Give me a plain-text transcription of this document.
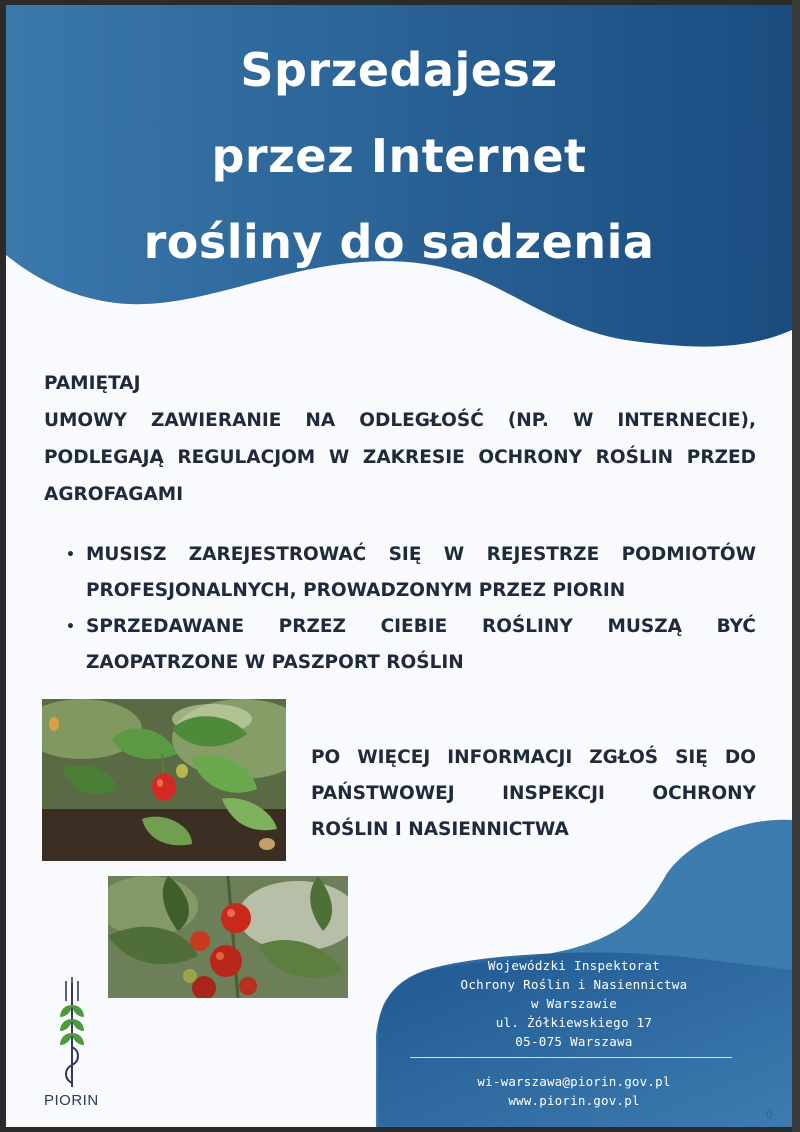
Sprzedajesz
przez Internet
rośliny do sadzenia
PAMIĘTAJ
UMOWY ZAWIERANIE NA ODLEGŁOŚĆ (NP. W INTERNECIE), PODLEGAJĄ REGULACJOM W ZAKRESIE OCHRONY ROŚLIN PRZED AGROFAGAMI
• MUSISZ ZAREJESTROWAĆ SIĘ W REJESTRZE PODMIOTÓW PROFESJONALNYCH, PROWADZONYM PRZEZ PIORIN
• SPRZEDAWANE PRZEZ CIEBIE ROŚLINY MUSZĄ BYĆ ZAOPATRZONE W PASZPORT ROŚLIN
PO WIĘCEJ INFORMACJI ZGŁOŚ SIĘ DO PAŃSTWOWEJ INSPEKCJI OCHRONY ROŚLIN I NASIENNICTWA
Wojewódzki Inspektorat
Ochrony Roślin i Nasiennictwa
w Warszawie
ul. Żółkiewskiego 17
05-075 Warszawa
wi-warszawa@piorin.gov.pl
www.piorin.gov.pl
PIORIN
0
